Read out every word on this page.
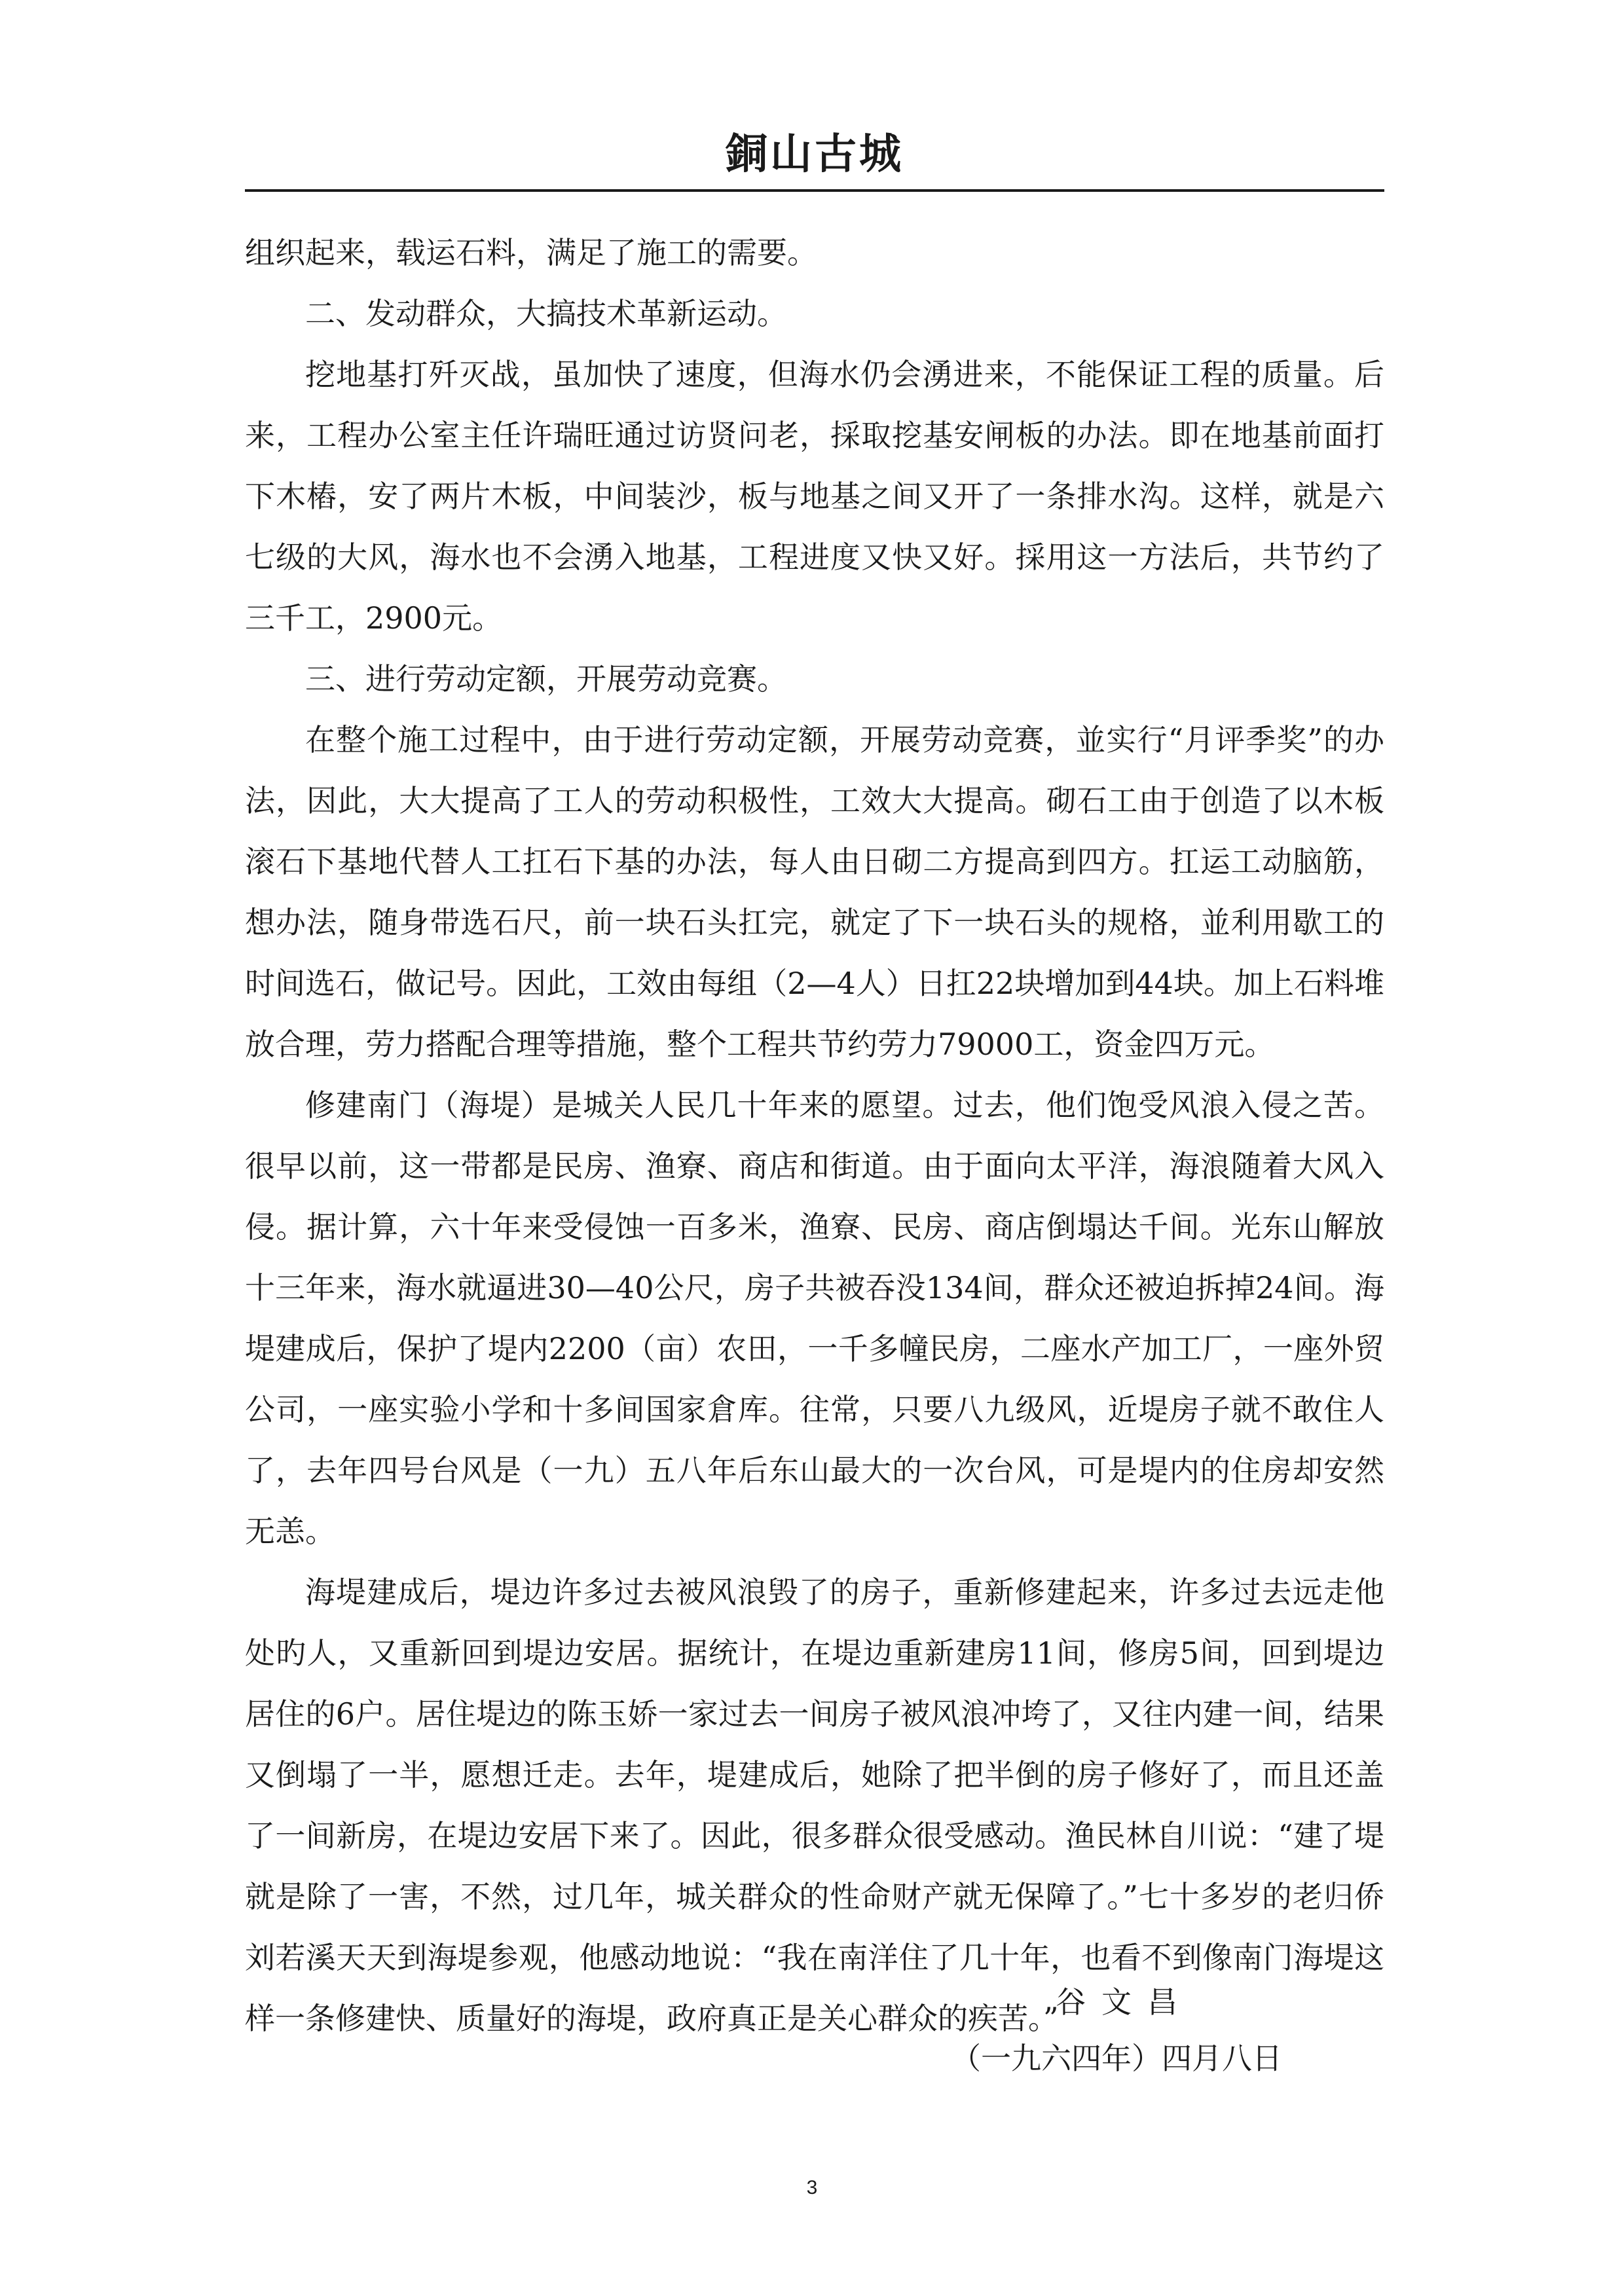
銅山古城

组织起来，载运石料，满足了施工的需要。

二、发动群众，大搞技术革新运动。

挖地基打歼灭战，虽加快了速度，但海水仍会湧进来，不能保证工程的质量。后来，工程办公室主任许瑞旺通过访贤问老，採取挖基安闸板的办法。即在地基前面打下木樁，安了两片木板，中间装沙，板与地基之间又开了一条排水沟。这样，就是六七级的大风，海水也不会湧入地基，工程进度又快又好。採用这一方法后，共节约了三千工，2900元。

三、进行劳动定额，开展劳动竞赛。

在整个施工过程中，由于进行劳动定额，开展劳动竞赛，並实行“月评季奖”的办法，因此，大大提高了工人的劳动积极性，工效大大提高。砌石工由于创造了以木板滚石下基地代替人工扛石下基的办法，每人由日砌二方提高到四方。扛运工动脑筋，想办法，随身带选石尺，前一块石头扛完，就定了下一块石头的规格，並利用歇工的时间选石，做记号。因此，工效由每组（2—4人）日扛22块增加到44块。加上石料堆放合理，劳力搭配合理等措施，整个工程共节约劳力79000工，资金四万元。

修建南门（海堤）是城关人民几十年来的愿望。过去，他们饱受风浪入侵之苦。很早以前，这一带都是民房、渔寮、商店和街道。由于面向太平洋，海浪随着大风入侵。据计算，六十年来受侵蚀一百多米，渔寮、民房、商店倒塌达千间。光东山解放十三年来，海水就逼进30—40公尺，房子共被吞没134间，群众还被迫拆掉24间。海堤建成后，保护了堤内2200（亩）农田，一千多幢民房，二座水产加工厂，一座外贸公司，一座实验小学和十多间国家倉库。往常，只要八九级风，近堤房子就不敢住人了，去年四号台风是（一九）五八年后东山最大的一次台风，可是堤内的住房却安然无恙。

海堤建成后，堤边许多过去被风浪毁了的房子，重新修建起来，许多过去远走他处旳人，又重新回到堤边安居。据统计，在堤边重新建房11间，修房5间，回到堤边居住的6户。居住堤边的陈玉娇一家过去一间房子被风浪冲垮了，又往内建一间，结果又倒塌了一半，愿想迁走。去年，堤建成后，她除了把半倒的房子修好了，而且还盖了一间新房，在堤边安居下来了。因此，很多群众很受感动。渔民林自川说：“建了堤就是除了一害，不然，过几年，城关群众的性命财产就无保障了。”七十多岁的老归侨刘若溪天天到海堤参观，他感动地说：“我在南洋住了几十年，也看不到像南门海堤这样一条修建快、质量好的海堤，政府真正是关心群众的疾苦。”

谷文昌
（一九六四年）四月八日
3
